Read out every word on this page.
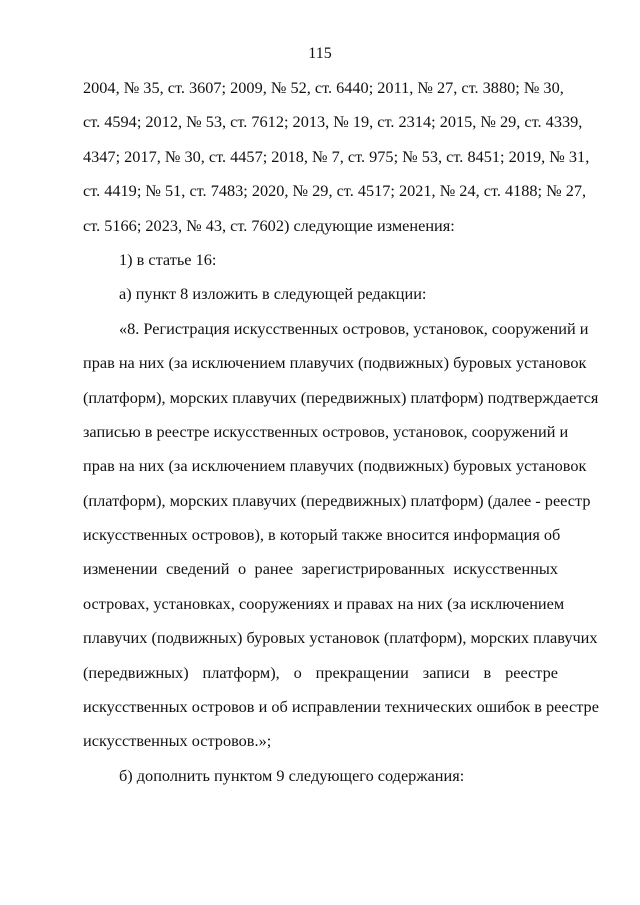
115
2004, № 35, ст. 3607; 2009, № 52, ст. 6440; 2011, № 27, ст. 3880; № 30,
ст. 4594; 2012, № 53, ст. 7612; 2013, № 19, ст. 2314; 2015, № 29, ст. 4339,
4347; 2017, № 30, ст. 4457; 2018, № 7, ст. 975; № 53, ст. 8451; 2019, № 31,
ст. 4419; № 51, ст. 7483; 2020, № 29, ст. 4517; 2021, № 24, ст. 4188; № 27,
ст. 5166; 2023, № 43, ст. 7602) следующие изменения:
1) в статье 16:
а) пункт 8 изложить в следующей редакции:
«8. Регистрация искусственных островов, установок, сооружений и
прав на них (за исключением плавучих (подвижных) буровых установок
(платформ), морских плавучих (передвижных) платформ) подтверждается
записью в реестре искусственных островов, установок, сооружений и
прав на них (за исключением плавучих (подвижных) буровых установок
(платформ), морских плавучих (передвижных) платформ) (далее - реестр
искусственных островов), в который также вносится информация об
изменении сведений о ранее зарегистрированных искусственных
островах, установках, сооружениях и правах на них (за исключением
плавучих (подвижных) буровых установок (платформ), морских плавучих
(передвижных) платформ), о прекращении записи в реестре
искусственных островов и об исправлении технических ошибок в реестре
искусственных островов.»;
б) дополнить пунктом 9 следующего содержания:
